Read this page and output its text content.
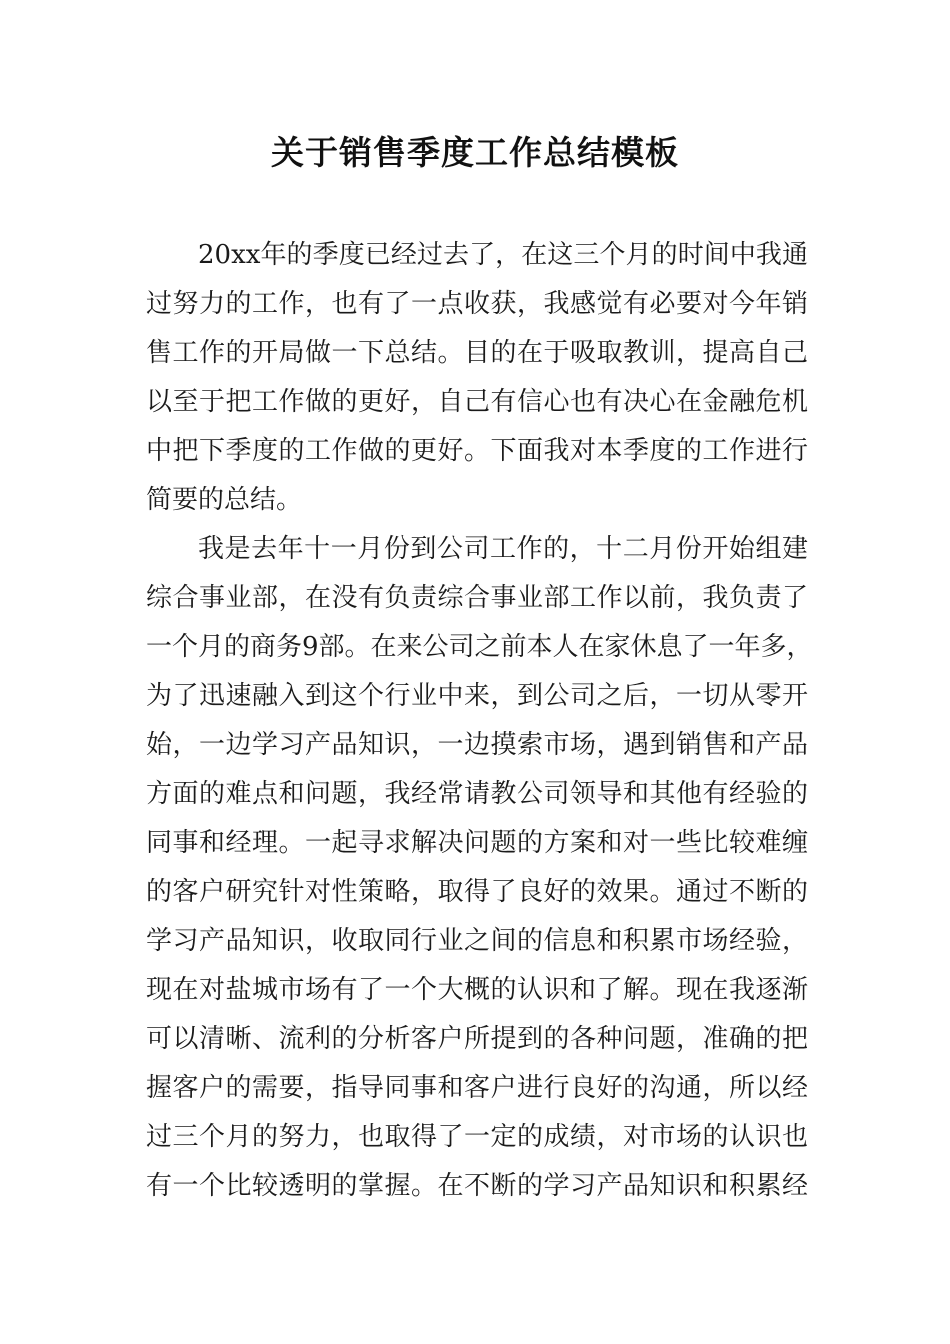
关于销售季度工作总结模板
20xx年的季度已经过去了，在这三个月的时间中我通
过努力的工作，也有了一点收获，我感觉有必要对今年销
售工作的开局做一下总结。目的在于吸取教训，提高自己
以至于把工作做的更好，自己有信心也有决心在金融危机
中把下季度的工作做的更好。下面我对本季度的工作进行
简要的总结。
我是去年十一月份到公司工作的，十二月份开始组建
综合事业部，在没有负责综合事业部工作以前，我负责了
一个月的商务9部。在来公司之前本人在家休息了一年多，
为了迅速融入到这个行业中来，到公司之后，一切从零开
始，一边学习产品知识，一边摸索市场，遇到销售和产品
方面的难点和问题，我经常请教公司领导和其他有经验的
同事和经理。一起寻求解决问题的方案和对一些比较难缠
的客户研究针对性策略，取得了良好的效果。通过不断的
学习产品知识，收取同行业之间的信息和积累市场经验，
现在对盐城市场有了一个大概的认识和了解。现在我逐渐
可以清晰、流利的分析客户所提到的各种问题，准确的把
握客户的需要，指导同事和客户进行良好的沟通，所以经
过三个月的努力，也取得了一定的成绩，对市场的认识也
有一个比较透明的掌握。在不断的学习产品知识和积累经
